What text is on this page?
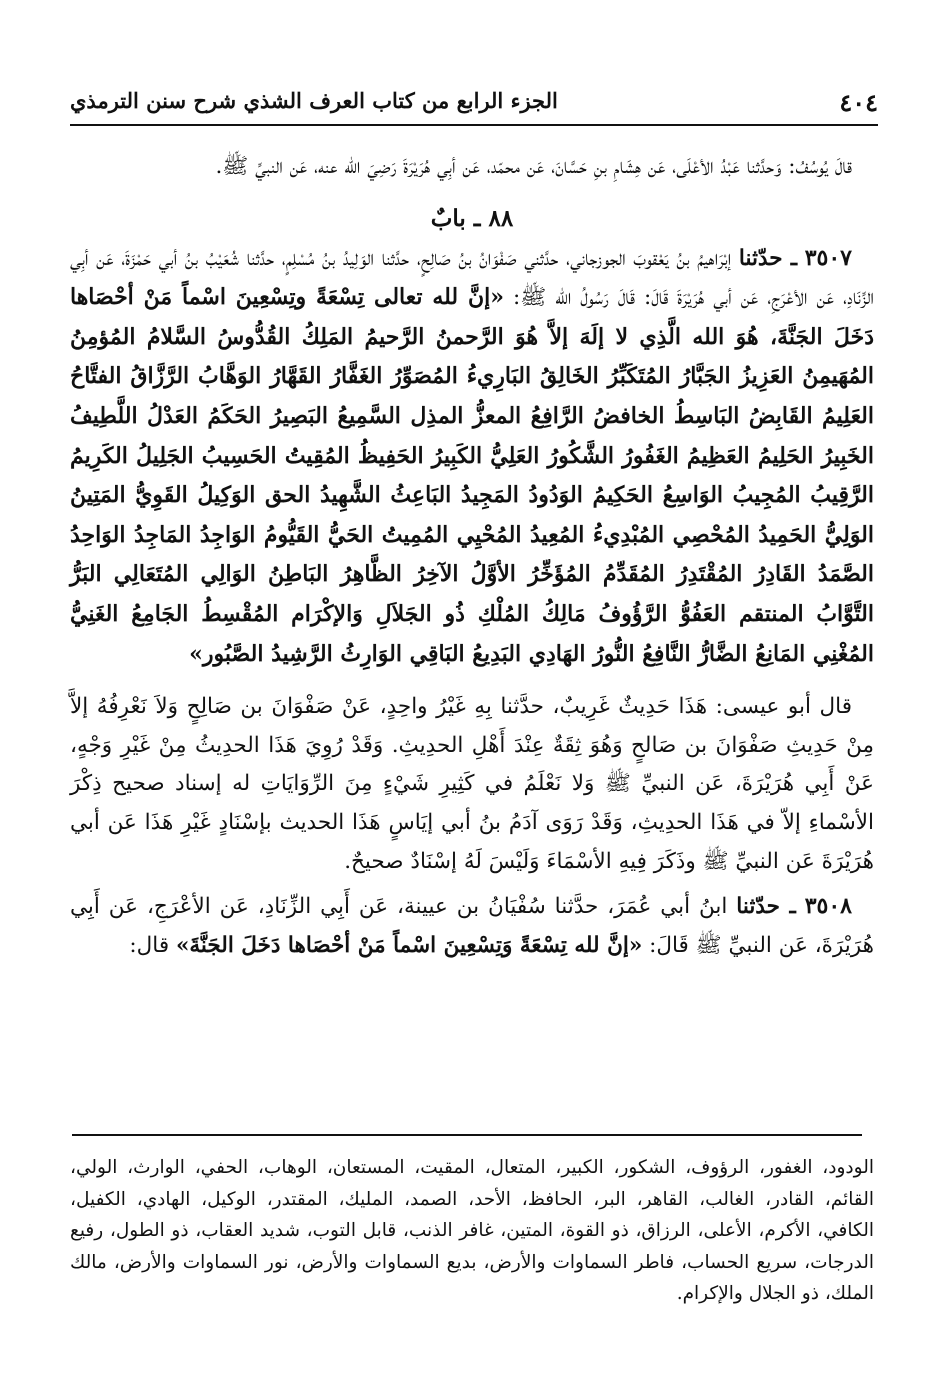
٤٠٤
الجزء الرابع من كتاب العرف الشذي شرح سنن الترمذي

قالَ يُوسُفُ: وَحدَّثنا عَبْدُ الأعْلَى، عَن هِشَامِ بنِ حَسَّانَ، عَن محمّد، عَن أبِي هُرَيْرَةَ رَضِيَ الله عنه، عَن النبيِّ ﷺ.

٨٨ ـ بابٌ

٣٥٠٧ ـ حدّثنا إبْرَاهيمُ بنُ يَعْقوبَ الجوزجاني، حدَّثني صَفْوَانُ بنُ صَالِحٍ، حدَّثنا الوَلِيدُ بنُ مُسْلِمٍ، حدَّثنا شُعَيْبُ بنُ أبي حَمْزَةَ، عَن أبِي الزِّنَادِ، عَن الأعْرَجِ، عَن أبي هُرَيْرَةَ قَالَ: قَالَ رَسُولُ الله ﷺ: «إنَّ لله تعالى تِسْعَةً وتِسْعِينَ اسْماً مَنْ أحْصَاها دَخَلَ الجَنَّةَ، هُوَ الله الَّذِي لا إلَهَ إلاَّ هُوَ الرَّحمنُ الرَّحيمُ المَلِكُ القُدُّوسُ السَّلامُ المُؤمِنُ المُهَيمِنُ العَزِيزُ الجَبَّارُ المُتَكَبِّرُ الخَالِقُ البَارِيءُ المُصَوِّرُ الغَفَّارُ القَهَّارُ الوَهَّابُ الرَّزَّاقُ الفتَّاحُ العَلِيمُ القَابِضُ البَاسِطُ الخافضُ الرَّافِعُ المعزُّ المذِل السَّمِيعُ البَصِيرُ الحَكَمُ العَدْلُ اللَّطِيفُ الخَبِيرُ الحَلِيمُ العَظِيمُ الغَفُورُ الشَّكُورُ العَلِيُّ الكَبِيرُ الحَفِيظُ المُقِيتُ الحَسِيبُ الجَلِيلُ الكَرِيمُ الرَّقِيبُ المُجِيبُ الوَاسِعُ الحَكِيمُ الوَدُودُ المَجِيدُ البَاعِثُ الشَّهِيدُ الحق الوَكِيلُ القَوِيُّ المَتِينُ الوَلِيُّ الحَمِيدُ المُحْصِي المُبْدِيءُ المُعِيدُ المُحْيِي المُمِيتُ الحَيُّ القَيُّومُ الوَاجِدُ المَاجِدُ الوَاحِدُ الصَّمَدُ القَادِرُ المُقْتَدِرُ المُقَدِّمُ المُؤَخِّرُ الأوَّلُ الآخِرُ الظَّاهِرُ البَاطِنُ الوَالِي المُتَعَالِي البَرُّ التَّوَّابُ المنتقم العَفُوُّ الرَّؤُوفُ مَالِكُ المُلْكِ ذُو الجَلاَلِ وَالإكْرَام المُقْسِطُ الجَامِعُ الغَنِيُّ المُغْنِي المَانِعُ الضَّارُّ النَّافِعُ النُّورُ الهَادِي البَدِيعُ البَاقِي الوَارِثُ الرَّشِيدُ الصَّبُور»

قال أبو عيسى: هَذَا حَدِيثٌ غَرِيبٌ، حدَّثنا بِهِ غَيْرُ واحِدٍ، عَنْ صَفْوَانَ بن صَالِحٍ وَلاَ نَعْرِفُهُ إلاَّ مِنْ حَدِيثِ صَفْوَانَ بن صَالحٍ وَهُوَ ثِقَةٌ عِنْدَ أَهْلِ الحدِيثِ. وَقَدْ رُوِيَ هَذَا الحدِيثُ مِنْ غَيْرِ وَجْهٍ، عَنْ أَبِي هُرَيْرَةَ، عَن النبيِّ ﷺ وَلا نَعْلَمُ في كَثِيرِ شَيْءٍ مِنَ الرِّوَايَاتِ له إسناد صحيح ذِكْرَ الأسْماءِ إلاّ في هَذَا الحدِيثِ، وَقَدْ رَوَى آدَمُ بنُ أبي إيَاسٍ هَذَا الحديث بإسْنَادٍ غَيْرِ هَذَا عَن أبي هُرَيْرَةَ عَن النبيِّ ﷺ وذَكَرَ فِيهِ الأسْمَاءَ وَلَيْسَ لَهُ إسْنَادٌ صحيحٌ.

٣٥٠٨ ـ حدّثنا ابنُ أبي عُمَرَ، حدَّثنا سُفْيَانُ بن عيينة، عَن أَبِي الزِّنَادِ، عَن الأعْرَجِ، عَن أَبِي هُرَيْرَةَ، عَن النبيِّ ﷺ قَالَ: «إنَّ لله تِسْعَةً وَتِسْعِينَ اسْماً مَنْ أحْصَاها دَخَلَ الجَنَّةَ» قال:

الودود، الغفور، الرؤوف، الشكور، الكبير، المتعال، المقيت، المستعان، الوهاب، الحفي، الوارث، الولي، القائم، القادر، الغالب، القاهر، البر، الحافظ، الأحد، الصمد، المليك، المقتدر، الوكيل، الهادي، الكفيل، الكافي، الأكرم، الأعلى، الرزاق، ذو القوة، المتين، غافر الذنب، قابل التوب، شديد العقاب، ذو الطول، رفيع الدرجات، سريع الحساب، فاطر السماوات والأرض، بديع السماوات والأرض، نور السماوات والأرض، مالك الملك، ذو الجلال والإكرام.
